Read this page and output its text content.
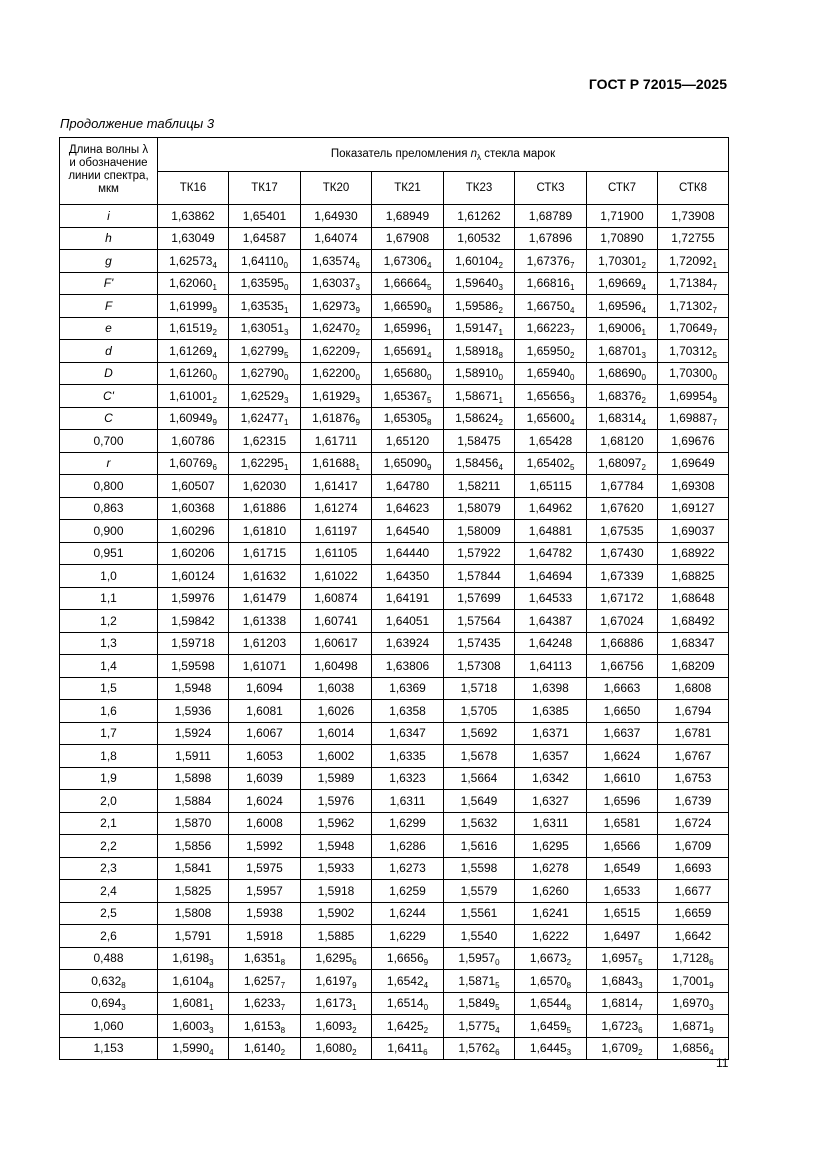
ГОСТ Р 72015—2025
Продолжение таблицы 3
Длина волны λ
и обозначение
линии спектра,
мкм	Показатель преломления $n_\lambda$ стекла марок							
	ТК16	ТК17	ТК20	ТК21	ТК23	СТК3	СТК7	СТК8
i	1,63862	1,65401	1,64930	1,68949	1,61262	1,68789	1,71900	1,73908
h	1,63049	1,64587	1,64074	1,67908	1,60532	1,67896	1,70890	1,72755
g	$1,62573_4$	$1,64110_0$	$1,63574_6$	$1,67306_4$	$1,60104_2$	$1,67376_7$	$1,70301_2$	$1,72092_1$
F'	$1,62060_1$	$1,63595_0$	$1,63037_3$	$1,66664_5$	$1,59640_3$	$1,66816_1$	$1,69669_4$	$1,71384_7$
F	$1,61999_9$	$1,63535_1$	$1,62973_9$	$1,66590_8$	$1,59586_2$	$1,66750_4$	$1,69596_4$	$1,71302_7$
e	$1,61519_2$	$1,63051_3$	$1,62470_2$	$1,65996_1$	$1,59147_1$	$1,66223_7$	$1,69006_1$	$1,70649_7$
d	$1,61269_4$	$1,62799_5$	$1,62209_7$	$1,65691_4$	$1,58918_8$	$1,65950_2$	$1,68701_3$	$1,70312_5$
D	$1,61260_0$	$1,62790_0$	$1,62200_0$	$1,65680_0$	$1,58910_0$	$1,65940_0$	$1,68690_0$	$1,70300_0$
C'	$1,61001_2$	$1,62529_3$	$1,61929_3$	$1,65367_5$	$1,58671_1$	$1,65656_3$	$1,68376_2$	$1,69954_9$
C	$1,60949_9$	$1,62477_1$	$1,61876_9$	$1,65305_8$	$1,58624_2$	$1,65600_4$	$1,68314_4$	$1,69887_7$
0,700	1,60786	1,62315	1,61711	1,65120	1,58475	1,65428	1,68120	1,69676
r	$1,60769_6$	$1,62295_1$	$1,61688_1$	$1,65090_9$	$1,58456_4$	$1,65402_5$	$1,68097_2$	1,69649
0,800	1,60507	1,62030	1,61417	1,64780	1,58211	1,65115	1,67784	1,69308
0,863	1,60368	1,61886	1,61274	1,64623	1,58079	1,64962	1,67620	1,69127
0,900	1,60296	1,61810	1,61197	1,64540	1,58009	1,64881	1,67535	1,69037
0,951	1,60206	1,61715	1,61105	1,64440	1,57922	1,64782	1,67430	1,68922
1,0	1,60124	1,61632	1,61022	1,64350	1,57844	1,64694	1,67339	1,68825
1,1	1,59976	1,61479	1,60874	1,64191	1,57699	1,64533	1,67172	1,68648
1,2	1,59842	1,61338	1,60741	1,64051	1,57564	1,64387	1,67024	1,68492
1,3	1,59718	1,61203	1,60617	1,63924	1,57435	1,64248	1,66886	1,68347
1,4	1,59598	1,61071	1,60498	1,63806	1,57308	1,64113	1,66756	1,68209
1,5	1,5948	1,6094	1,6038	1,6369	1,5718	1,6398	1,6663	1,6808
1,6	1,5936	1,6081	1,6026	1,6358	1,5705	1,6385	1,6650	1,6794
1,7	1,5924	1,6067	1,6014	1,6347	1,5692	1,6371	1,6637	1,6781
1,8	1,5911	1,6053	1,6002	1,6335	1,5678	1,6357	1,6624	1,6767
1,9	1,5898	1,6039	1,5989	1,6323	1,5664	1,6342	1,6610	1,6753
2,0	1,5884	1,6024	1,5976	1,6311	1,5649	1,6327	1,6596	1,6739
2,1	1,5870	1,6008	1,5962	1,6299	1,5632	1,6311	1,6581	1,6724
2,2	1,5856	1,5992	1,5948	1,6286	1,5616	1,6295	1,6566	1,6709
2,3	1,5841	1,5975	1,5933	1,6273	1,5598	1,6278	1,6549	1,6693
2,4	1,5825	1,5957	1,5918	1,6259	1,5579	1,6260	1,6533	1,6677
2,5	1,5808	1,5938	1,5902	1,6244	1,5561	1,6241	1,6515	1,6659
2,6	1,5791	1,5918	1,5885	1,6229	1,5540	1,6222	1,6497	1,6642
0,488	$1,6198_3$	$1,6351_8$	$1,6295_6$	$1,6656_9$	$1,5957_0$	$1,6673_2$	$1,6957_5$	$1,7128_6$
$0,632_8$	$1,6104_8$	$1,6257_7$	$1,6197_9$	$1,6542_4$	$1,5871_5$	$1,6570_8$	$1,6843_3$	$1,7001_9$
$0,694_3$	$1,6081_1$	$1,6233_7$	$1,6173_1$	$1,6514_0$	$1,5849_5$	$1,6544_8$	$1,6814_7$	$1,6970_3$
1,060	$1,6003_3$	$1,6153_8$	$1,6093_2$	$1,6425_2$	$1,5775_4$	$1,6459_5$	$1,6723_6$	$1,6871_9$
1,153	$1,5990_4$	$1,6140_2$	$1,6080_2$	$1,6411_6$	$1,5762_6$	$1,6445_3$	$1,6709_2$	$1,6856_4$
11
